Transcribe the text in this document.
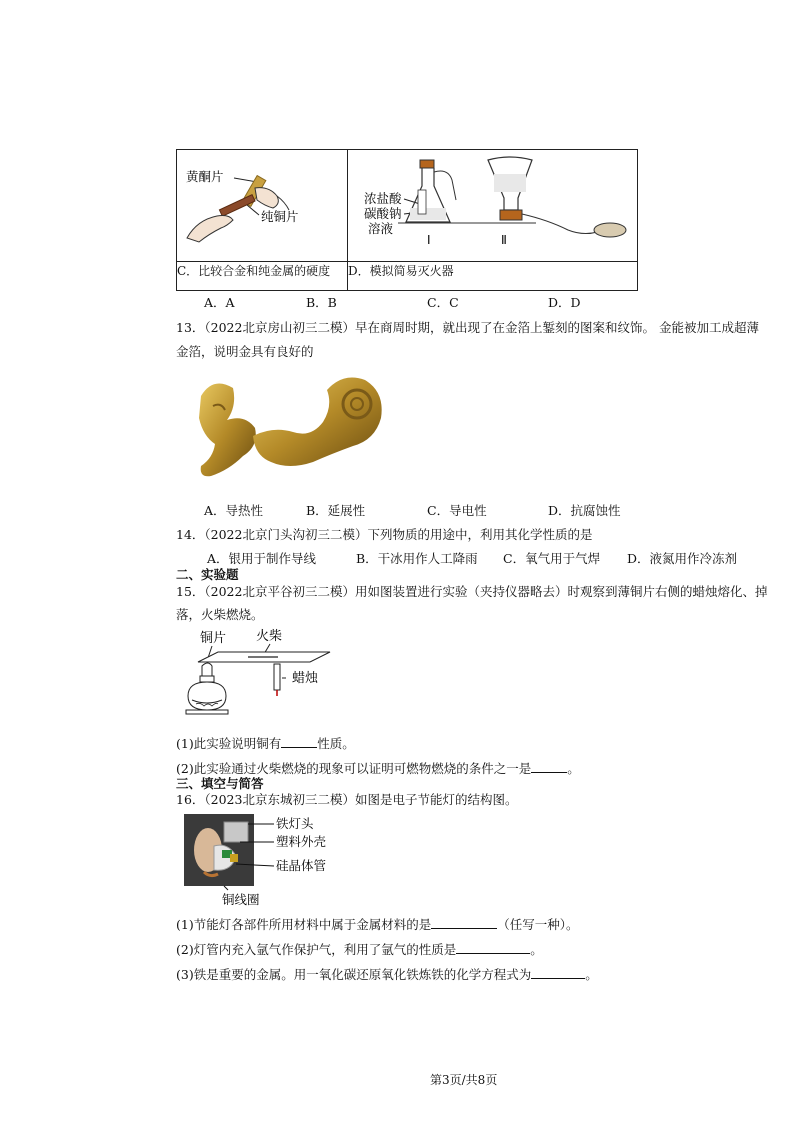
黄酮片
纯铜片	浓盐酸
碳酸钠
溶液
I Ⅱ

C．比较合金和纯金属的硬度	D．模拟简易灭火器
A．A	B．B	C．C	D．D
13．（2022北京房山初三二模）早在商周时期，就出现了在金箔上錾刻的图案和纹饰。 金能被加工成超薄
金箔，说明金具有良好的
A．导热性	B．延展性	C．导电性	D．抗腐蚀性
14．（2022北京门头沟初三二模）下列物质的用途中，利用其化学性质的是
A．银用于制作导线	B．干冰用作人工降雨 C．氧气用于气焊 D．液氮用作冷冻剂
二、实验题
15．（2022北京平谷初三二模）用如图装置进行实验（夹持仪器略去）时观察到薄铜片右侧的蜡烛熔化、掉
落，火柴燃烧。
铜片 火柴
蜡烛
(1)此实验说明铜有	性质。
(2)此实验通过火柴燃烧的现象可以证明可燃物燃烧的条件之一是	。
三、填空与简答
16．（2023北京东城初三二模）如图是电子节能灯的结构图。
铁灯头
塑料外壳
硅晶体管
铜线圈
(1)节能灯各部件所用材料中属于金属材料的是	（任写一种）。
(2)灯管内充入氩气作保护气，利用了氩气的性质是	。
(3)铁是重要的金属。用一氧化碳还原氧化铁炼铁的化学方程式为	。
第3页/共8页
